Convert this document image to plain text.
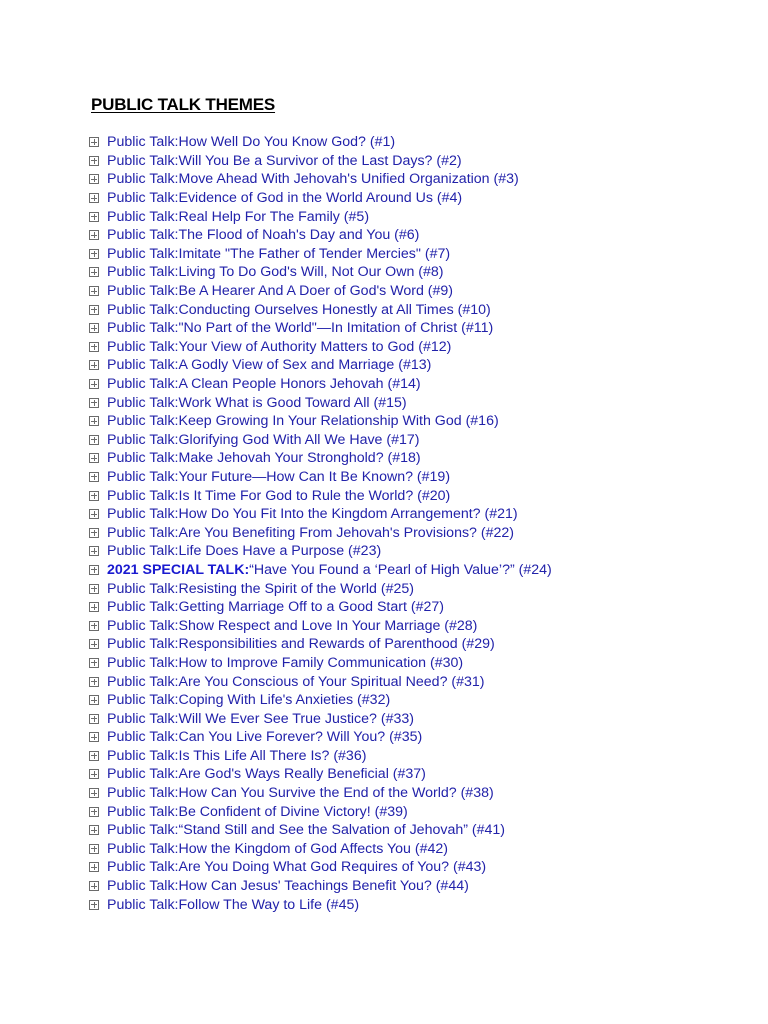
PUBLIC TALK THEMES
Public Talk: How Well Do You Know God? (#1)
Public Talk: Will You Be a Survivor of the Last Days? (#2)
Public Talk: Move Ahead With Jehovah's Unified Organization (#3)
Public Talk: Evidence of God in the World Around Us (#4)
Public Talk: Real Help For The Family (#5)
Public Talk: The Flood of Noah's Day and You (#6)
Public Talk: Imitate "The Father of Tender Mercies" (#7)
Public Talk: Living To Do God's Will, Not Our Own (#8)
Public Talk: Be A Hearer And A Doer of God's Word (#9)
Public Talk: Conducting Ourselves Honestly at All Times (#10)
Public Talk: "No Part of the World"—In Imitation of Christ (#11)
Public Talk: Your View of Authority Matters to God (#12)
Public Talk: A Godly View of Sex and Marriage (#13)
Public Talk: A Clean People Honors Jehovah (#14)
Public Talk: Work What is Good Toward All (#15)
Public Talk: Keep Growing In Your Relationship With God (#16)
Public Talk: Glorifying God With All We Have (#17)
Public Talk: Make Jehovah Your Stronghold? (#18)
Public Talk: Your Future—How Can It Be Known? (#19)
Public Talk: Is It Time For God to Rule the World? (#20)
Public Talk: How Do You Fit Into the Kingdom Arrangement? (#21)
Public Talk: Are You Benefiting From Jehovah's Provisions? (#22)
Public Talk: Life Does Have a Purpose (#23)
2021 SPECIAL TALK: “Have You Found a ‘Pearl of High Value’?” (#24)
Public Talk: Resisting the Spirit of the World (#25)
Public Talk: Getting Marriage Off to a Good Start (#27)
Public Talk: Show Respect and Love In Your Marriage (#28)
Public Talk: Responsibilities and Rewards of Parenthood (#29)
Public Talk: How to Improve Family Communication (#30)
Public Talk: Are You Conscious of Your Spiritual Need? (#31)
Public Talk: Coping With Life's Anxieties (#32)
Public Talk: Will We Ever See True Justice? (#33)
Public Talk: Can You Live Forever? Will You? (#35)
Public Talk: Is This Life All There Is? (#36)
Public Talk: Are God's Ways Really Beneficial (#37)
Public Talk: How Can You Survive the End of the World? (#38)
Public Talk: Be Confident of Divine Victory! (#39)
Public Talk: “Stand Still and See the Salvation of Jehovah” (#41)
Public Talk: How the Kingdom of God Affects You (#42)
Public Talk: Are You Doing What God Requires of You? (#43)
Public Talk: How Can Jesus' Teachings Benefit You? (#44)
Public Talk: Follow The Way to Life (#45)
